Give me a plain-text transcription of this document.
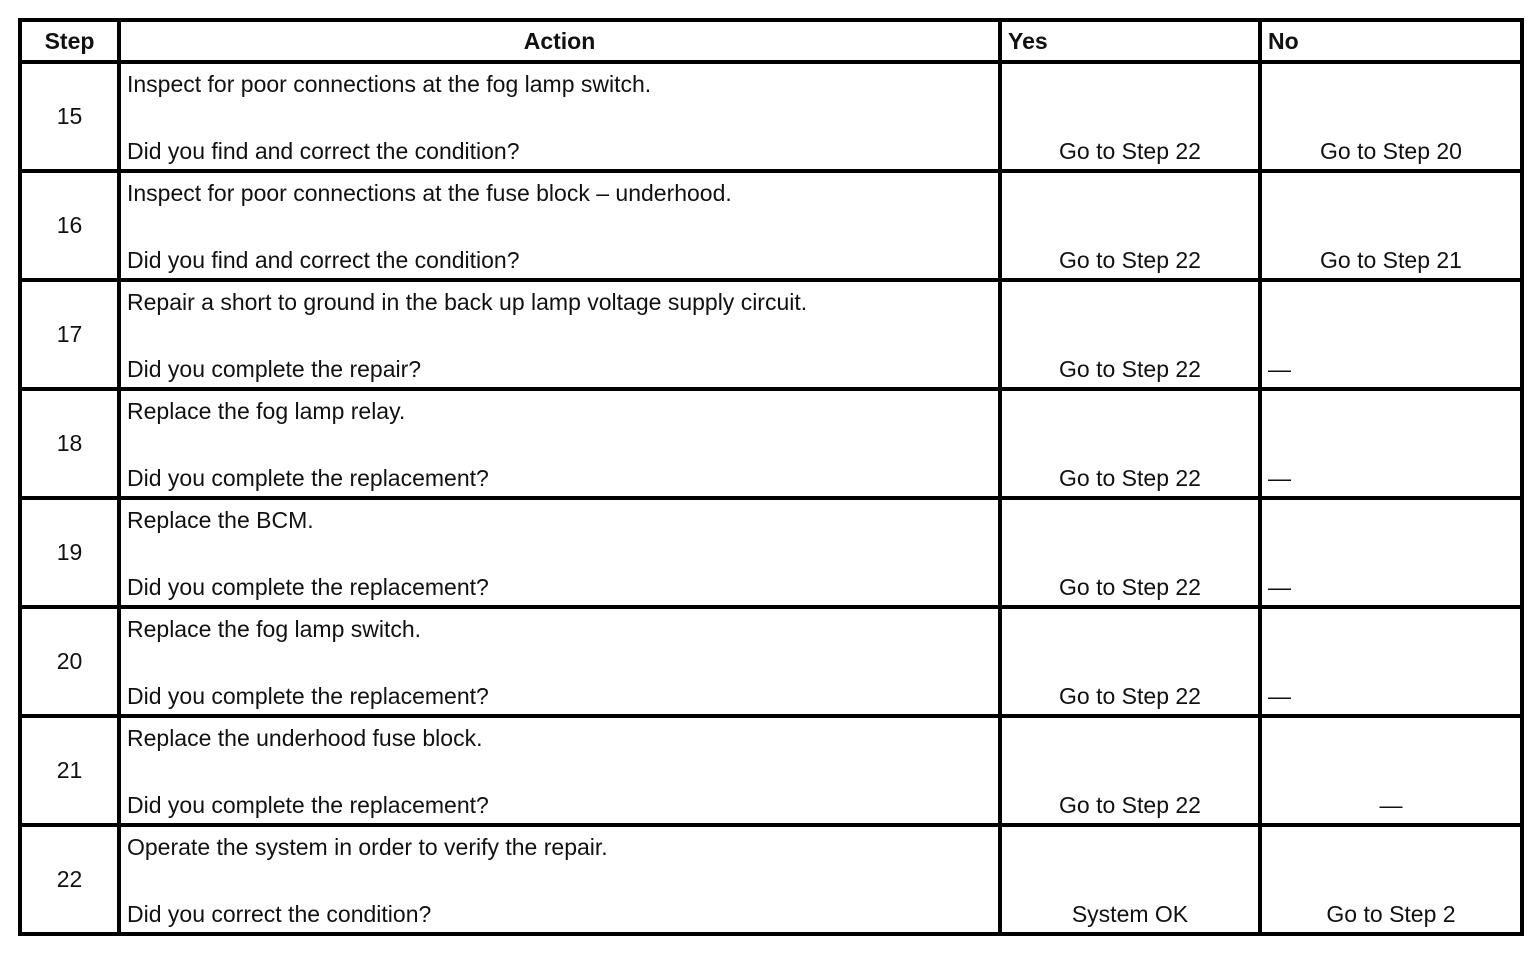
Step	Action	Yes	No
15	Inspect for poor connections at the fog lamp switch.
Did you find and correct the condition?	Go to Step 22	Go to Step 20

16	Inspect for poor connections at the fuse block – underhood.
Did you find and correct the condition?	Go to Step 22	Go to Step 21

17	Repair a short to ground in the back up lamp voltage supply circuit.
Did you complete the repair?	Go to Step 22	—

18	Replace the fog lamp relay.
Did you complete the replacement?	Go to Step 22	—

19	Replace the BCM.
Did you complete the replacement?	Go to Step 22	—

20	Replace the fog lamp switch.
Did you complete the replacement?	Go to Step 22	—

21	Replace the underhood fuse block.
Did you complete the replacement?	Go to Step 22	—

22	Operate the system in order to verify the repair.
Did you correct the condition?	System OK	Go to Step 2
